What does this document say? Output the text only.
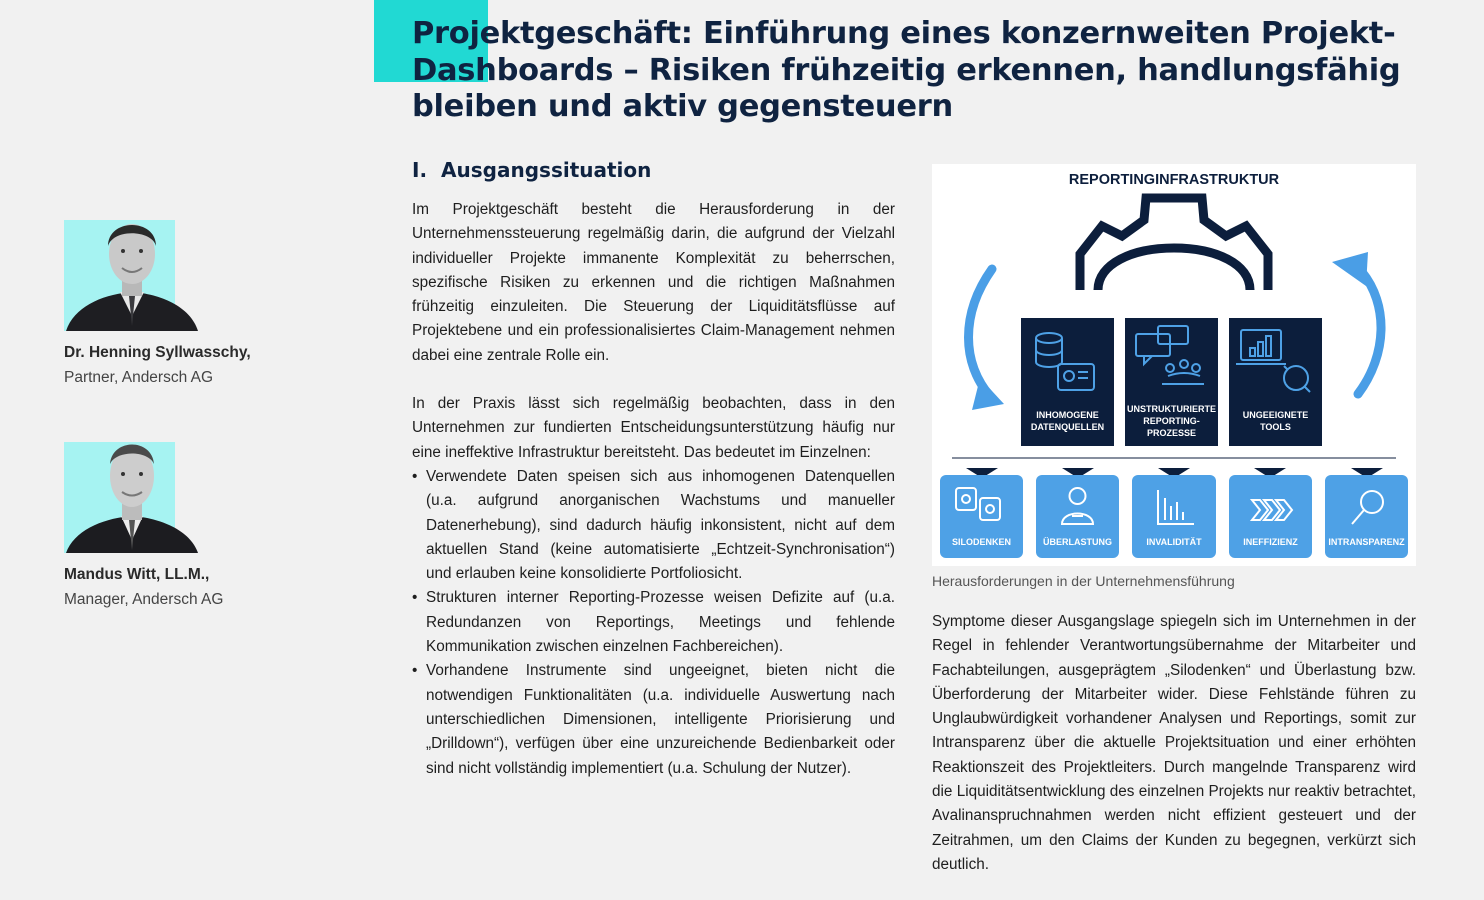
Projektgeschäft: Einführung eines konzernweiten Projekt-Dashboards – Risiken frühzeitig erkennen, handlungsfähig bleiben und aktiv gegensteuern
Dr. Henning Syllwasschy,
Partner, Andersch AG
Mandus Witt, LL.M.,
Manager, Andersch AG
I. Ausgangssituation

Im Projektgeschäft besteht die Herausforderung in der Unternehmenssteuerung regelmäßig darin, die aufgrund der Vielzahl individueller Projekte immanente Komplexität zu beherrschen, spezifische Risiken zu erkennen und die richtigen Maßnahmen frühzeitig einzuleiten. Die Steuerung der Liquiditätsflüsse auf Projektebene und ein professionalisiertes Claim-Management nehmen dabei eine zentrale Rolle ein.

In der Praxis lässt sich regelmäßig beobachten, dass in den Unternehmen zur fundierten Entscheidungsunterstützung häufig nur eine ineffektive Infrastruktur bereitsteht. Das bedeutet im Einzelnen:

• Verwendete Daten speisen sich aus inhomogenen Datenquellen (u.a. aufgrund anorganischen Wachstums und manueller Datenerhebung), sind dadurch häufig inkonsistent, nicht auf dem aktuellen Stand (keine automatisierte „Echtzeit-Synchronisation“) und erlauben keine konsolidierte Portfoliosicht.
• Strukturen interner Reporting-Prozesse weisen Defizite auf (u.a. Redundanzen von Reportings, Meetings und fehlende Kommunikation zwischen einzelnen Fachbereichen).
• Vorhandene Instrumente sind ungeeignet, bieten nicht die notwendigen Funktionalitäten (u.a. individuelle Auswertung nach unterschiedlichen Dimensionen, intelligente Priorisierung und „Drilldown“), verfügen über eine unzureichende Bedienbarkeit oder sind nicht vollständig implementiert (u.a. Schulung der Nutzer).
REPORTINGINFRASTRUKTUR
INHOMOGENE
DATENQUELLEN
UNSTRUKTURIERTE
REPORTING-
PROZESSE
UNGEEIGNETE
TOOLS
SILODENKEN	ÜBERLASTUNG	INVALIDITÄT	INEFFIZIENZ	INTRANSPARENZ
Herausforderungen in der Unternehmensführung

Symptome dieser Ausgangslage spiegeln sich im Unternehmen in der Regel in fehlender Verantwortungsübernahme der Mitarbeiter und Fachabteilungen, ausgeprägtem „Silodenken“ und Überlastung bzw. Überforderung der Mitarbeiter wider. Diese Fehlstände führen zu Unglaubwürdigkeit vorhandener Analysen und Reportings, somit zur Intransparenz über die aktuelle Projektsituation und einer erhöhten Reaktionszeit des Projektleiters. Durch mangelnde Transparenz wird die Liquiditätsentwicklung des einzelnen Projekts nur reaktiv betrachtet, Avalinanspruchnahmen werden nicht effizient gesteuert und der Zeitrahmen, um den Claims der Kunden zu begegnen, verkürzt sich deutlich.
